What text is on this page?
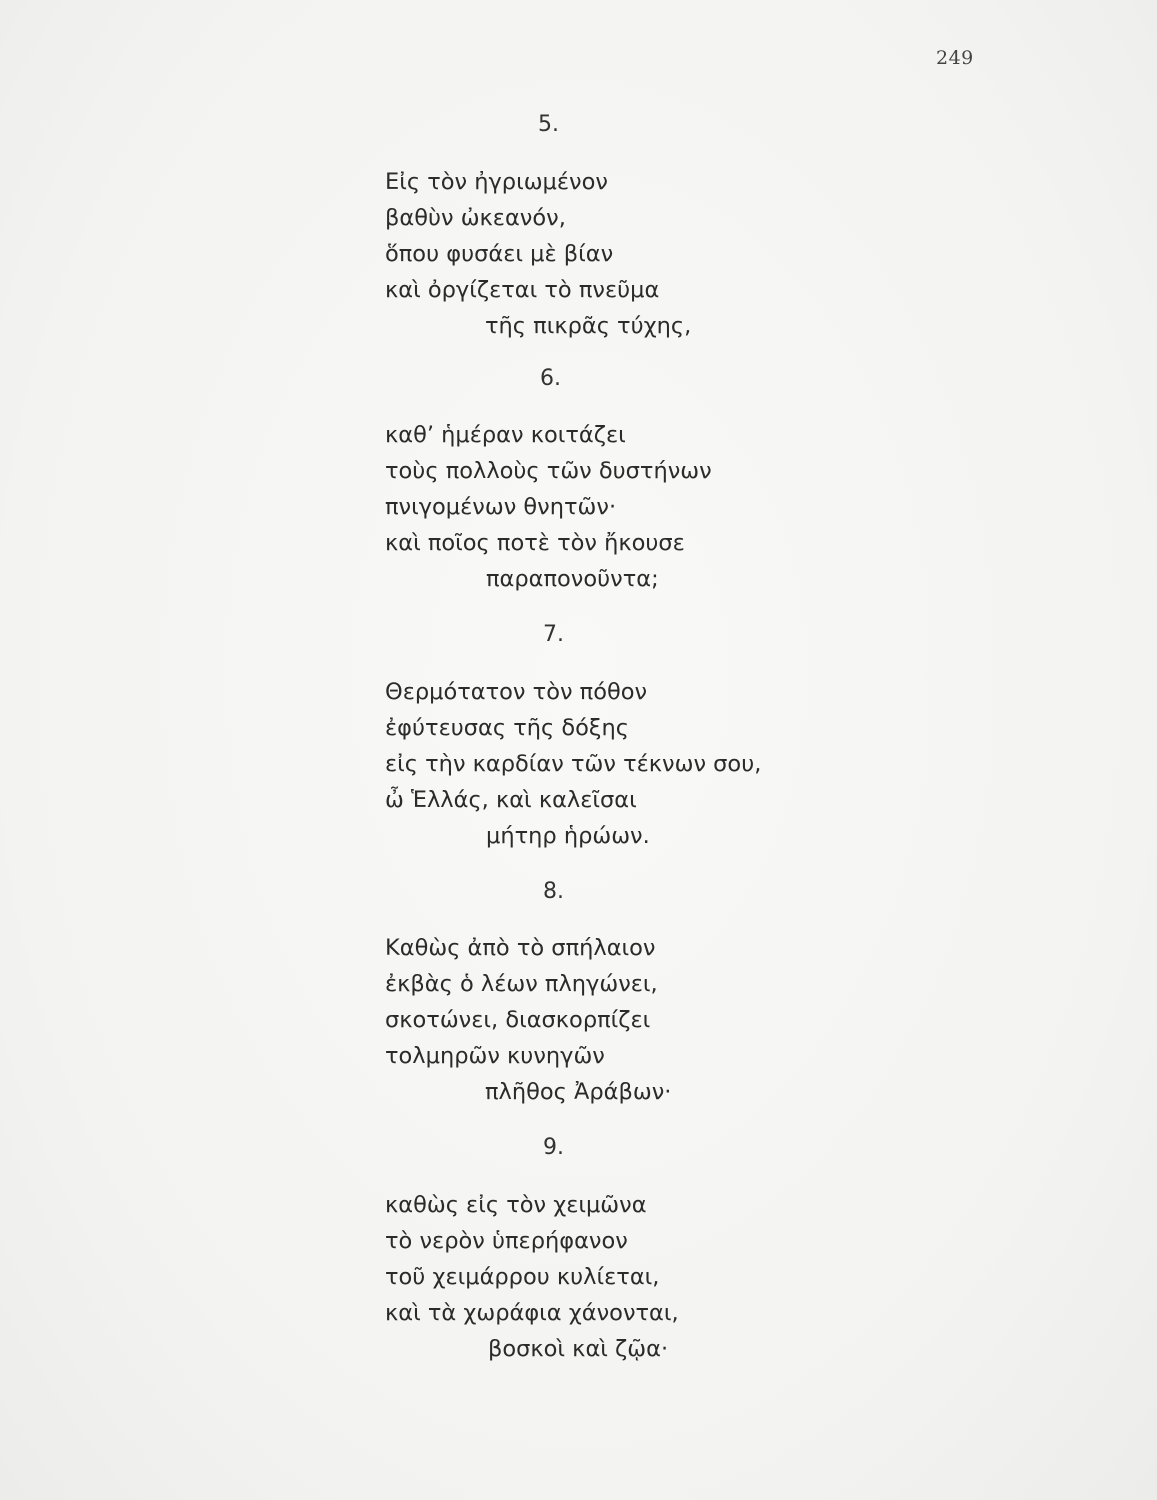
249
5.
Εἰς τὸν ἠγριωμένον
βαθὺν ὠκεανόν,
ὅπου φυσάει μὲ βίαν
καὶ ὀργίζεται τὸ πνεῦμα
τῆς πικρᾶς τύχης,
6.
καθ’ ἡμέραν κοιτάζει
τοὺς πολλοὺς τῶν δυστήνων
πνιγομένων θνητῶν·
καὶ ποῖος ποτὲ τὸν ἤκουσε
παραπονοῦντα;
7.
Θερμότατον τὸν πόθον
ἐφύτευσας τῆς δόξης
εἰς τὴν καρδίαν τῶν τέκνων σου,
ὦ Ἑλλάς, καὶ καλεῖσαι
μήτηρ ἡρώων.
8.
Καθὼς ἀπὸ τὸ σπήλαιον
ἐκβὰς ὁ λέων πληγώνει,
σκοτώνει, διασκορπίζει
τολμηρῶν κυνηγῶν
πλῆθος Ἀράβων·
9.
καθὼς εἰς τὸν χειμῶνα
τὸ νερὸν ὑπερήφανον
τοῦ χειμάρρου κυλίεται,
καὶ τὰ χωράφια χάνονται,
βοσκοὶ καὶ ζῷα·
